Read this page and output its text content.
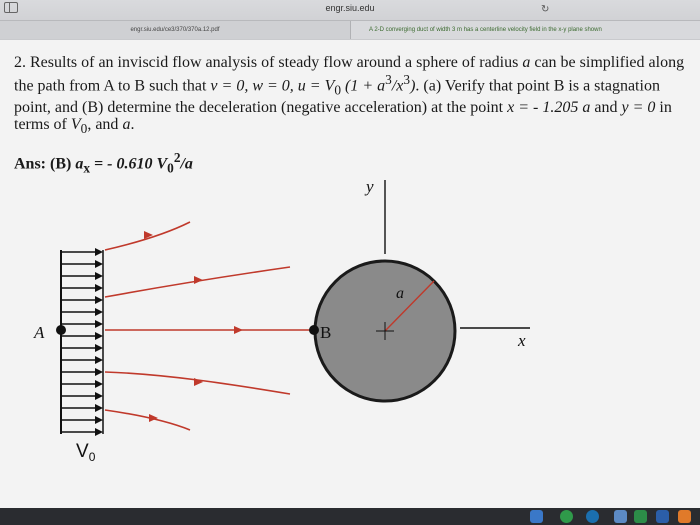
engr.siu.edu	↻
engr.siu.edu/ce3/370/370a.12.pdf	A 2-D converging duct of width 3 m has a centerline velocity field in the x-y plane shown

2. Results of an inviscid flow analysis of steady flow around a sphere of radius a can be simplified along the path from A to B such that v = 0, w = 0, $u = V_0$ $(1 + a^3/x^3)$. (a) Verify that point B is a stagnation point, and (B) determine the deceleration (negative acceleration) at the point x = - 1.205 a and y = 0 in terms of $V_0$, and a.

Ans: (B) $a_x$ = - 0.610 $V_0^2/a$

A	B
a
y
x
$V_0$
